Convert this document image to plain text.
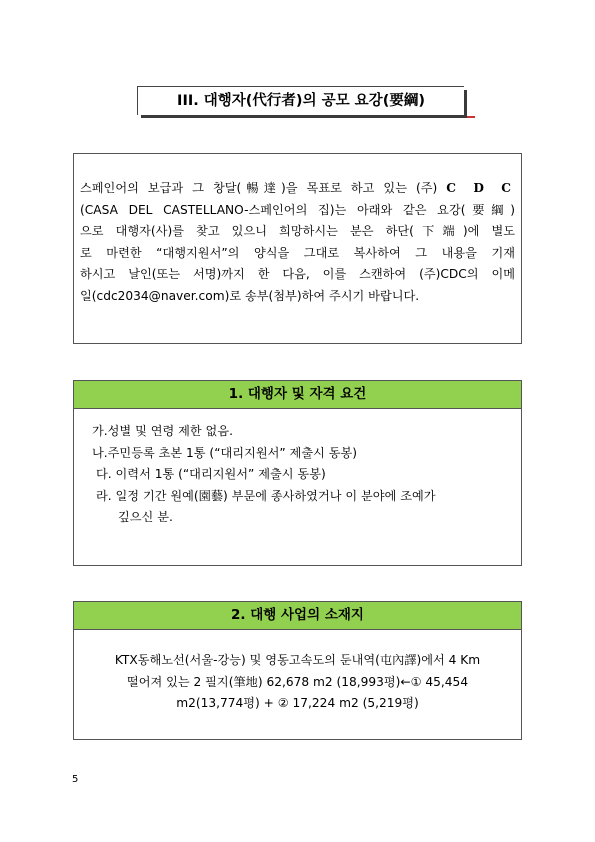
III. 대행자(代行者)의 공모 요강(要綱)
스페인어의 보급과 그 창달(暢達)을 목표로 하고 있는 (주) C D C
(CASA DEL CASTELLANO-스페인어의 집)는 아래와 같은 요강(要綱)
으로 대행자(사)를 찾고 있으니 희망하시는 분은 하단(下端)에 별도
로 마련한 “대행지원서”의 양식을 그대로 복사하여 그 내용을 기재
하시고 날인(또는 서명)까지 한 다음, 이를 스캔하여 (주)CDC의 이메
일(cdc2034@naver.com)로 송부(첨부)하여 주시기 바랍니다.
1. 대행자 및 자격 요건
가.성별 및 연령 제한 없음.
나.주민등록 초본 1통 (“대리지원서” 제출시 동봉)
다. 이력서 1통 (“대리지원서” 제출시 동봉)
라. 일정 기간 원예(園藝) 부문에 종사하였거나 이 분야에 조예가
깊으신 분.
2. 대행 사업의 소재지
KTX동해노선(서울-강능) 및 영동고속도의 둔내역(屯內譯)에서 4 Km
떨어져 있는 2 필지(筆地) 62,678 m2 (18,993평)←① 45,454
m2(13,774평) + ② 17,224 m2 (5,219평)
5
